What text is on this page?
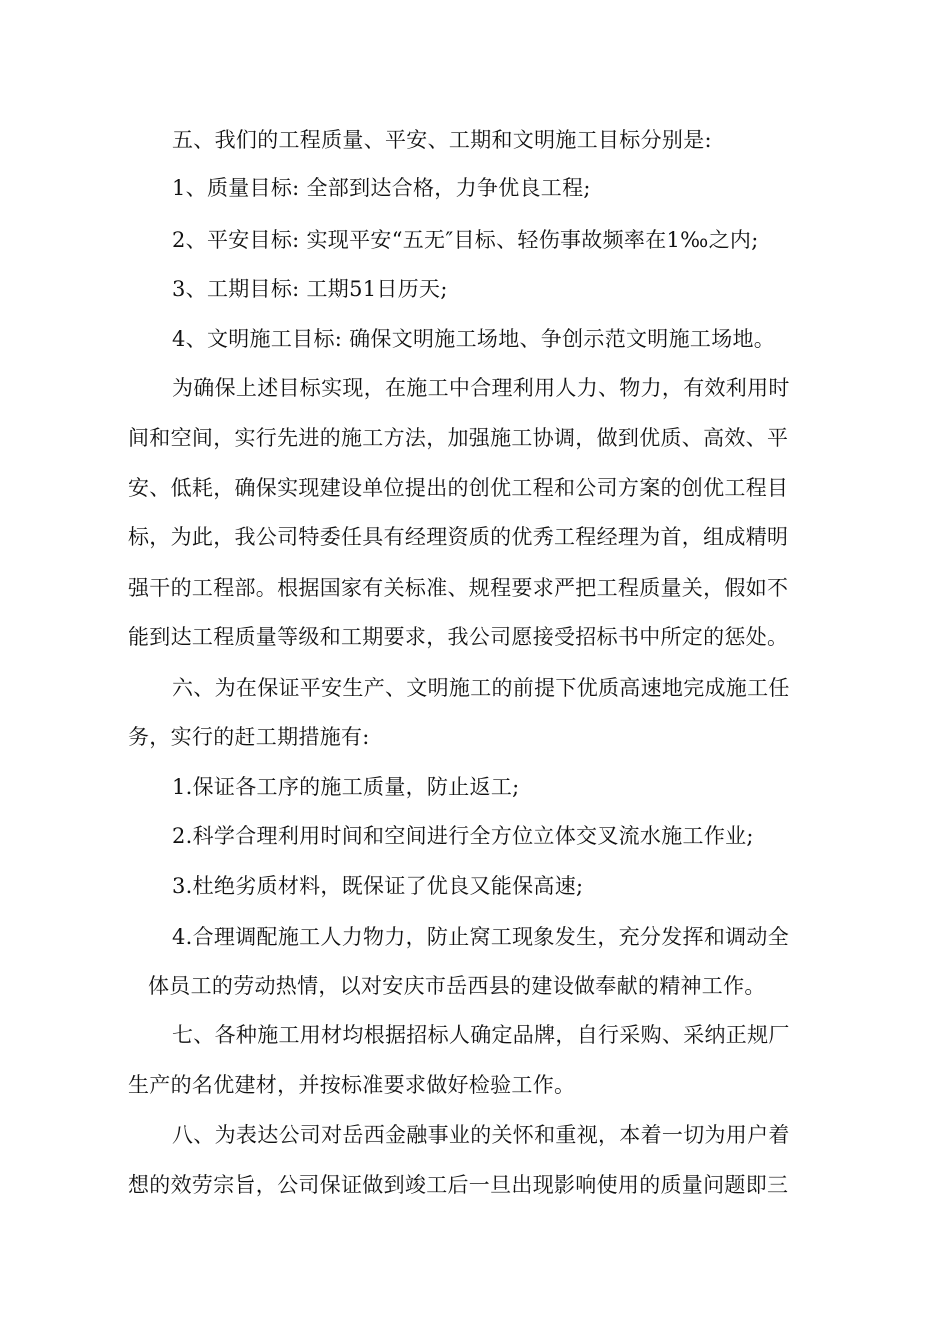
五、我们的工程质量、平安、工期和文明施工目标分别是:
1、质量目标: 全部到达合格，力争优良工程;
2、平安目标: 实现平安“五无″目标、轻伤事故频率在1‰之内;
3、工期目标: 工期51日历天;
4、文明施工目标: 确保文明施工场地、争创示范文明施工场地。
为确保上述目标实现，在施工中合理利用人力、物力，有效利用时
间和空间，实行先进的施工方法，加强施工协调，做到优质、高效、平
安、低耗，确保实现建设单位提出的创优工程和公司方案的创优工程目
标，为此，我公司特委任具有经理资质的优秀工程经理为首，组成精明
强干的工程部。根据国家有关标准、规程要求严把工程质量关，假如不
能到达工程质量等级和工期要求，我公司愿接受招标书中所定的惩处。
六、为在保证平安生产、文明施工的前提下优质高速地完成施工任
务，实行的赶工期措施有:
1.保证各工序的施工质量，防止返工;
2.科学合理利用时间和空间进行全方位立体交叉流水施工作业;
3.杜绝劣质材料，既保证了优良又能保高速;
4.合理调配施工人力物力，防止窝工现象发生，充分发挥和调动全
体员工的劳动热情，以对安庆市岳西县的建设做奉献的精神工作。
七、各种施工用材均根据招标人确定品牌，自行采购、采纳正规厂
生产的名优建材，并按标准要求做好检验工作。
八、为表达公司对岳西金融事业的关怀和重视，本着一切为用户着
想的效劳宗旨，公司保证做到竣工后一旦出现影响使用的质量问题即三
